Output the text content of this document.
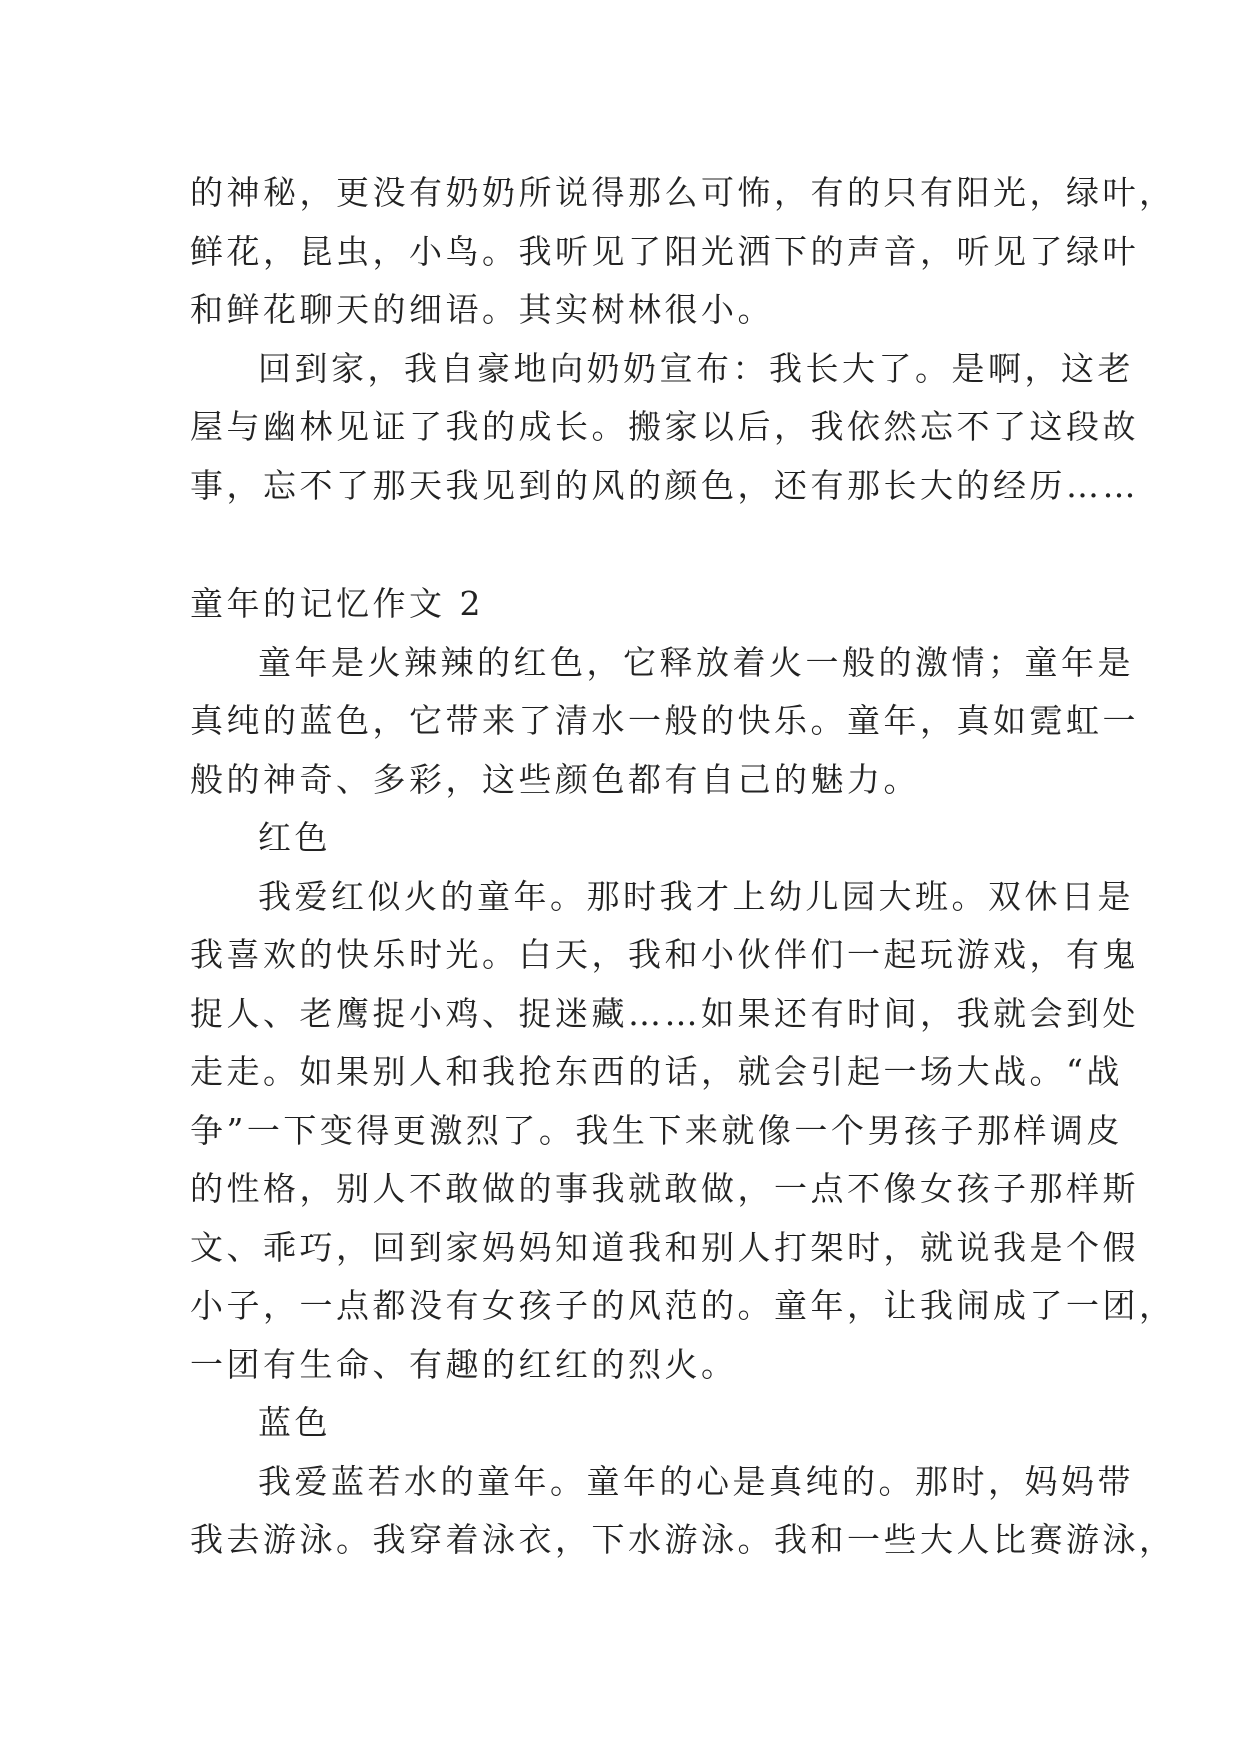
的神秘，更没有奶奶所说得那么可怖，有的只有阳光，绿叶，
鲜花，昆虫，小鸟。我听见了阳光洒下的声音，听见了绿叶
和鲜花聊天的细语。其实树林很小。
回到家，我自豪地向奶奶宣布：我长大了。是啊，这老
屋与幽林见证了我的成长。搬家以后，我依然忘不了这段故
事，忘不了那天我见到的风的颜色，还有那长大的经历……
童年的记忆作文 2
童年是火辣辣的红色，它释放着火一般的激情；童年是
真纯的蓝色，它带来了清水一般的快乐。童年，真如霓虹一
般的神奇、多彩，这些颜色都有自己的魅力。
红色
我爱红似火的童年。那时我才上幼儿园大班。双休日是
我喜欢的快乐时光。白天，我和小伙伴们一起玩游戏，有鬼
捉人、老鹰捉小鸡、捉迷藏……如果还有时间，我就会到处
走走。如果别人和我抢东西的话，就会引起一场大战。“战
争”一下变得更激烈了。我生下来就像一个男孩子那样调皮
的性格，别人不敢做的事我就敢做，一点不像女孩子那样斯
文、乖巧，回到家妈妈知道我和别人打架时，就说我是个假
小子，一点都没有女孩子的风范的。童年，让我闹成了一团，
一团有生命、有趣的红红的烈火。
蓝色
我爱蓝若水的童年。童年的心是真纯的。那时，妈妈带
我去游泳。我穿着泳衣，下水游泳。我和一些大人比赛游泳，
